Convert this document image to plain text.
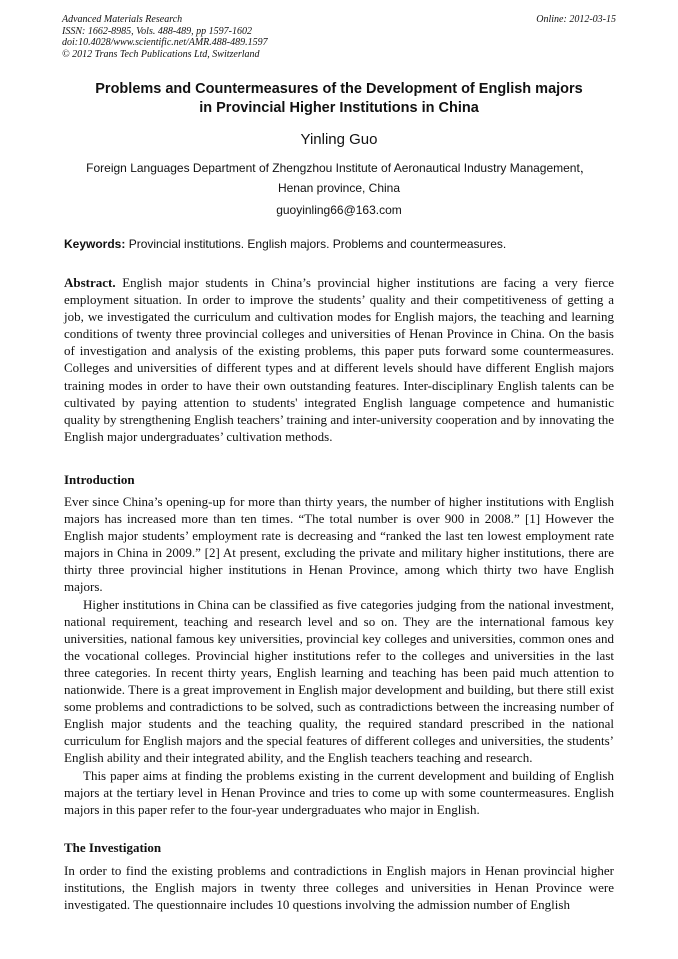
Advanced Materials Research
ISSN: 1662-8985, Vols. 488-489, pp 1597-1602
doi:10.4028/www.scientific.net/AMR.488-489.1597
© 2012 Trans Tech Publications Ltd, Switzerland
Online: 2012-03-15
Problems and Countermeasures of the Development of English majors
in Provincial Higher Institutions in China
Yinling Guo
Foreign Languages Department of Zhengzhou Institute of Aeronautical Industry Management，
Henan province, China
guoyinling66@163.com
Keywords: Provincial institutions. English majors. Problems and countermeasures.

Abstract. English major students in China’s provincial higher institutions are facing a very fierce employment situation. In order to improve the students’ quality and their competitiveness of getting a job, we investigated the curriculum and cultivation modes for English majors, the teaching and learning conditions of twenty three provincial colleges and universities of Henan Province in China. On the basis of investigation and analysis of the existing problems, this paper puts forward some countermeasures. Colleges and universities of different types and at different levels should have different English majors training modes in order to have their own outstanding features. Inter-disciplinary English talents can be cultivated by paying attention to students' integrated English language competence and humanistic quality by strengthening English teachers’ training and inter-university cooperation and by innovating the English major undergraduates’ cultivation methods.

Introduction

Ever since China’s opening-up for more than thirty years, the number of higher institutions with English majors has increased more than ten times. “The total number is over 900 in 2008.” [1] However the English major students’ employment rate is decreasing and “ranked the last ten lowest employment rate majors in China in 2009.” [2] At present, excluding the private and military higher institutions, there are thirty three provincial higher institutions in Henan Province, among which thirty two have English majors.

Higher institutions in China can be classified as five categories judging from the national investment, national requirement, teaching and research level and so on. They are the international famous key universities, national famous key universities, provincial key colleges and universities, common ones and the vocational colleges. Provincial higher institutions refer to the colleges and universities in the last three categories. In recent thirty years, English learning and teaching has been paid much attention to nationwide. There is a great improvement in English major development and building, but there still exist some problems and contradictions to be solved, such as contradictions between the increasing number of English major students and the teaching quality, the required standard prescribed in the national curriculum for English majors and the special features of different colleges and universities, the students’ English ability and their integrated ability, and the English teachers teaching and research.

This paper aims at finding the problems existing in the current development and building of English majors at the tertiary level in Henan Province and tries to come up with some countermeasures. English majors in this paper refer to the four-year undergraduates who major in English.

The Investigation

In order to find the existing problems and contradictions in English majors in Henan provincial higher institutions, the English majors in twenty three colleges and universities in Henan Province were investigated. The questionnaire includes 10 questions involving the admission number of English
